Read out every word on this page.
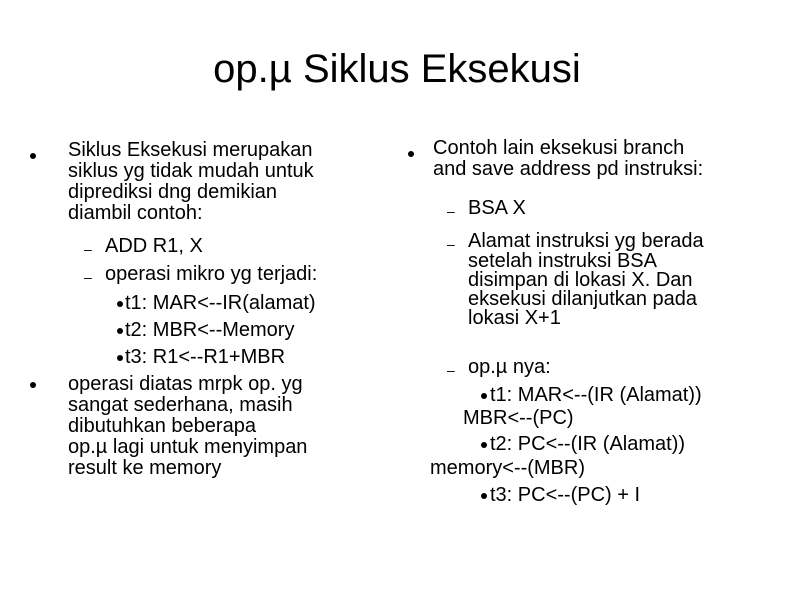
op.µ Siklus Eksekusi
Siklus Eksekusi merupakan
siklus yg tidak mudah untuk
diprediksi dng demikian
diambil contoh:
– ADD R1, X
– operasi mikro yg terjadi:
t1: MAR<--IR(alamat)
t2: MBR<--Memory
t3: R1<--R1+MBR
operasi diatas mrpk op. yg
sangat sederhana, masih
dibutuhkan beberapa
op.µ lagi untuk menyimpan
result ke memory
Contoh lain eksekusi branch
and save address pd instruksi:
– BSA X
– Alamat instruksi yg berada
setelah instruksi BSA
disimpan di lokasi X. Dan
eksekusi dilanjutkan pada
lokasi X+1
– op.µ nya:
t1: MAR<--(IR (Alamat))
MBR<--(PC)
t2: PC<--(IR (Alamat))
memory<--(MBR)
t3: PC<--(PC) + I
